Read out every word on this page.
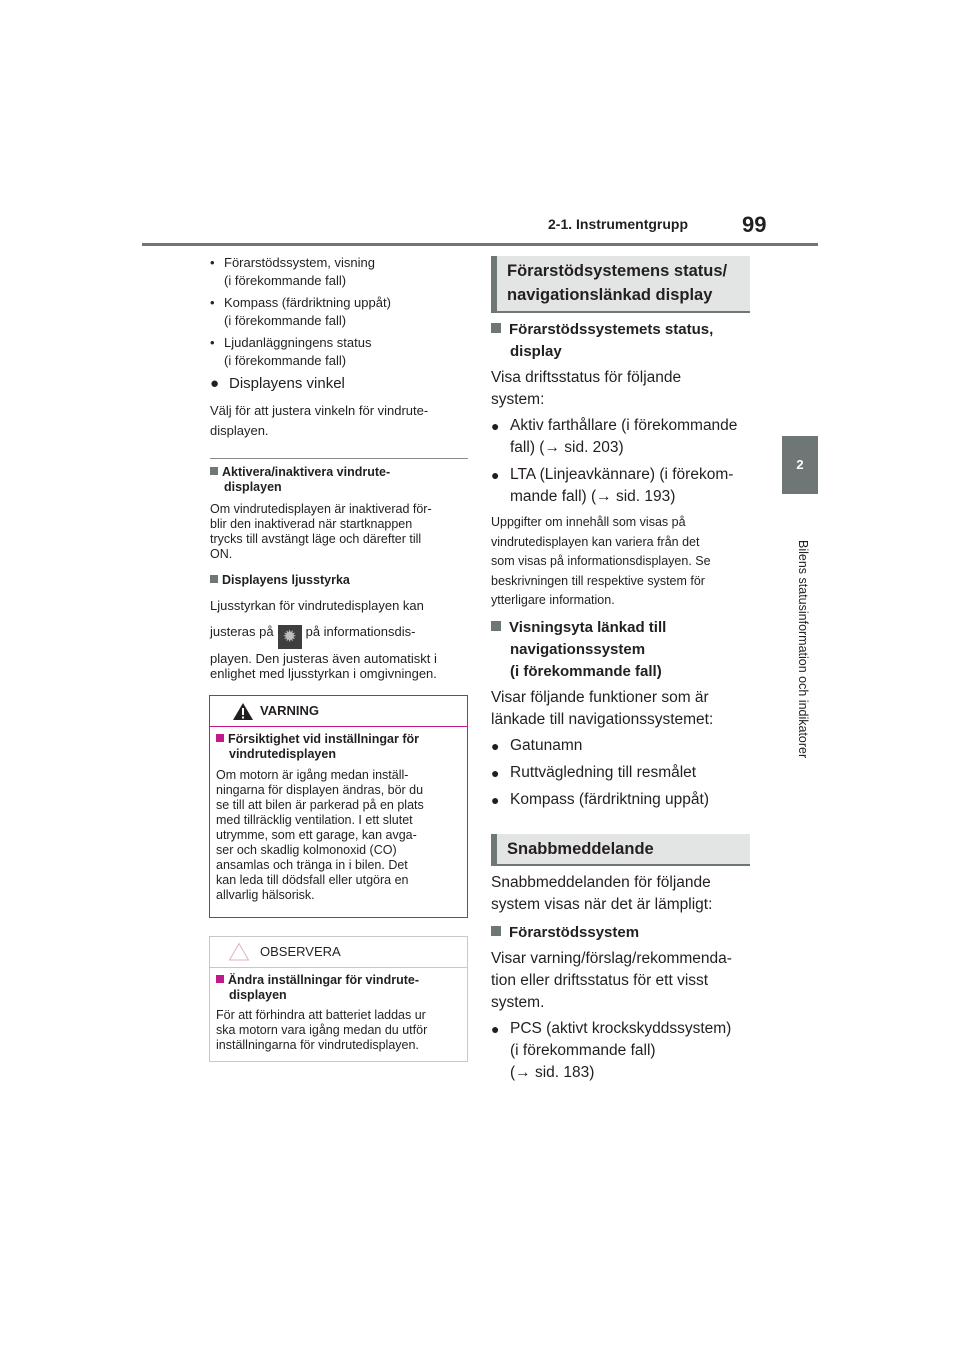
2-1. Instrumentgrupp 99
2
Bilens statusinformation och indikatorer
• Förarstödssystem, visning
(i förekommande fall)
• Kompass (färdriktning uppåt)
(i förekommande fall)
• Ljudanläggningens status
(i förekommande fall)
● Displayens vinkel
Välj för att justera vinkeln för vindrute-
displayen.
Aktivera/inaktivera vindrute-
displayen
Om vindrutedisplayen är inaktiverad för-
blir den inaktiverad när startknappen
trycks till avstängt läge och därefter till
ON.
Displayens ljusstyrka
Ljusstyrkan för vindrutedisplayen kan
justeras på ✹ på informationsdis-
playen. Den justeras även automatiskt i
enlighet med ljusstyrkan i omgivningen.
VARNING
Försiktighet vid inställningar för
vindrutedisplayen
Om motorn är igång medan inställ-
ningarna för displayen ändras, bör du
se till att bilen är parkerad på en plats
med tillräcklig ventilation. I ett slutet
utrymme, som ett garage, kan avga-
ser och skadlig kolmonoxid (CO)
ansamlas och tränga in i bilen. Det
kan leda till dödsfall eller utgöra en
allvarlig hälsorisk.
OBSERVERA
Ändra inställningar för vindrute-
displayen
För att förhindra att batteriet laddas ur
ska motorn vara igång medan du utför
inställningarna för vindrutedisplayen.
Förarstödsystemens status/
navigationslänkad display
Förarstödssystemets status,
display
Visa driftsstatus för följande
system:
● Aktiv farthållare (i förekommande
fall) (→ sid. 203)
● LTA (Linjeavkännare) (i förekom-
mande fall) (→ sid. 193)
Uppgifter om innehåll som visas på
vindrutedisplayen kan variera från det
som visas på informationsdisplayen. Se
beskrivningen till respektive system för
ytterligare information.
Visningsyta länkad till
navigationssystem
(i förekommande fall)
Visar följande funktioner som är
länkade till navigationssystemet:
● Gatunamn
● Ruttvägledning till resmålet
● Kompass (färdriktning uppåt)
Snabbmeddelande
Snabbmeddelanden för följande
system visas när det är lämpligt:
Förarstödssystem
Visar varning/förslag/rekommenda-
tion eller driftsstatus för ett visst
system.
● PCS (aktivt krockskyddssystem)
(i förekommande fall)
(→ sid. 183)
